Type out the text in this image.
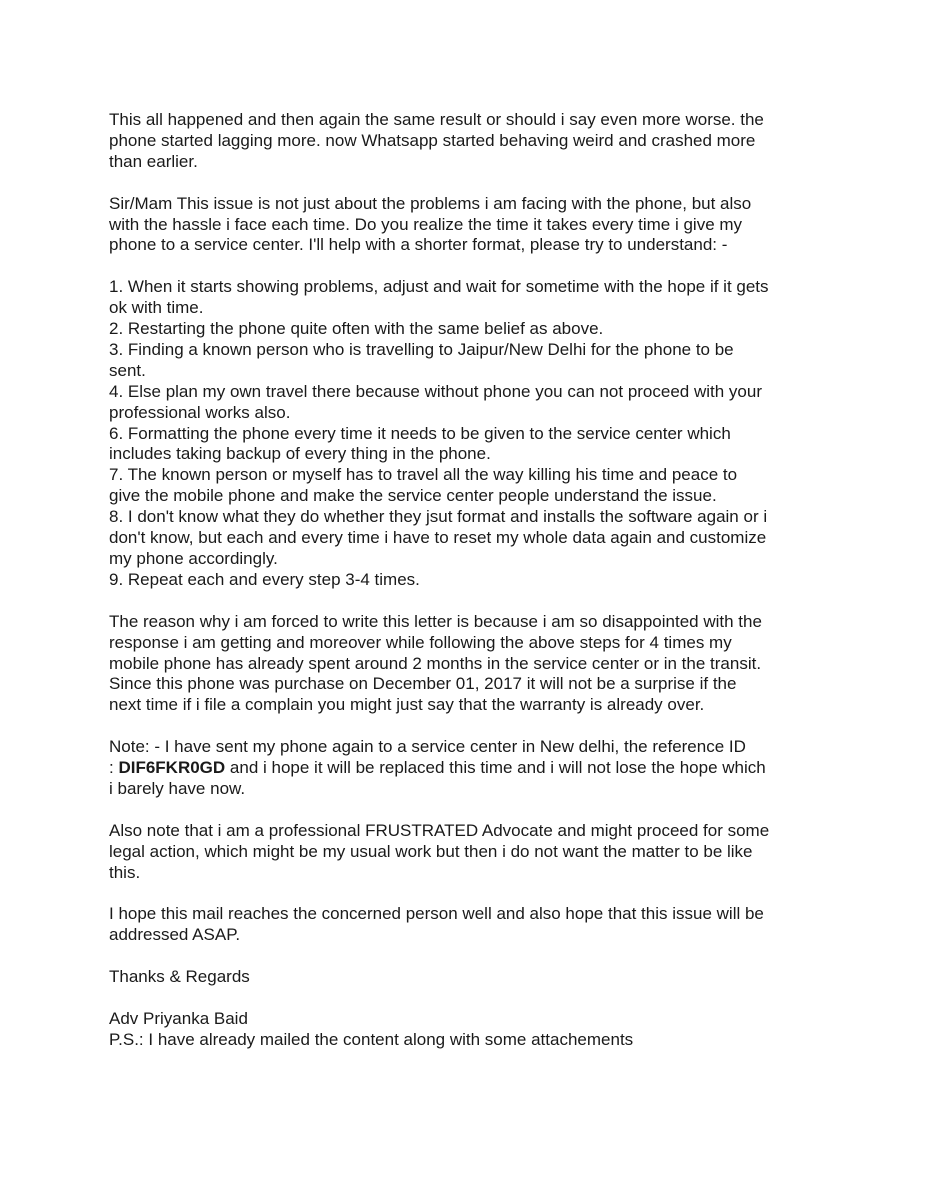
This all happened and then again the same result or should i say even more worse. the
phone started lagging more. now Whatsapp started behaving weird and crashed more
than earlier.

Sir/Mam This issue is not just about the problems i am facing with the phone, but also
with the hassle i face each time. Do you realize the time it takes every time i give my
phone to a service center. I'll help with a shorter format, please try to understand: -

1. When it starts showing problems, adjust and wait for sometime with the hope if it gets
ok with time.
2. Restarting the phone quite often with the same belief as above.
3. Finding a known person who is travelling to Jaipur/New Delhi for the phone to be
sent.
4. Else plan my own travel there because without phone you can not proceed with your
professional works also.
6. Formatting the phone every time it needs to be given to the service center which
includes taking backup of every thing in the phone.
7. The known person or myself has to travel all the way killing his time and peace to
give the mobile phone and make the service center people understand the issue.
8. I don't know what they do whether they jsut format and installs the software again or i
don't know, but each and every time i have to reset my whole data again and customize
my phone accordingly.
9. Repeat each and every step 3-4 times.

The reason why i am forced to write this letter is because i am so disappointed with the
response i am getting and moreover while following the above steps for 4 times my
mobile phone has already spent around 2 months in the service center or in the transit.
Since this phone was purchase on December 01, 2017 it will not be a surprise if the
next time if i file a complain you might just say that the warranty is already over.

Note: - I have sent my phone again to a service center in New delhi, the reference ID
: DIF6FKR0GD and i hope it will be replaced this time and i will not lose the hope which
i barely have now.

Also note that i am a professional FRUSTRATED Advocate and might proceed for some
legal action, which might be my usual work but then i do not want the matter to be like
this.

I hope this mail reaches the concerned person well and also hope that this issue will be
addressed ASAP.

Thanks & Regards

Adv Priyanka Baid

P.S.: I have already mailed the content along with some attachements
